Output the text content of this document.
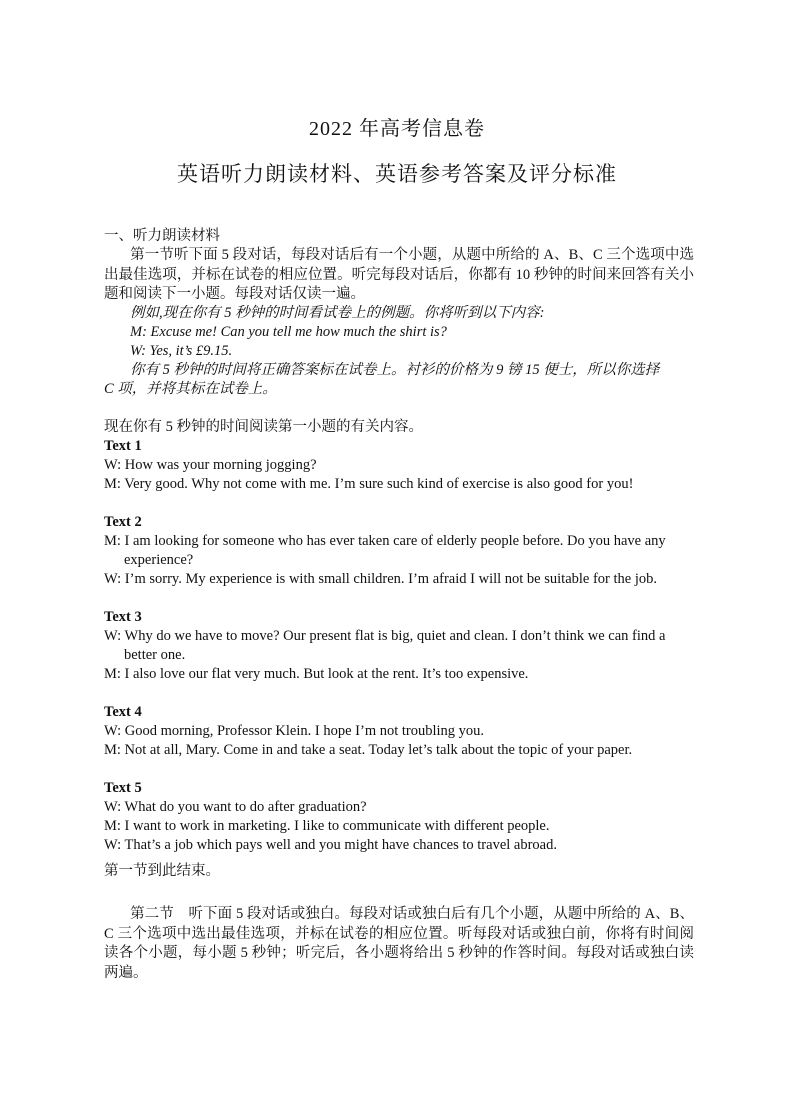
2022 年高考信息卷
英语听力朗读材料、英语参考答案及评分标准
一、听力朗读材料
第一节听下面 5 段对话，每段对话后有一个小题，从题中所给的 A、B、C 三个选项中选出最佳选项，并标在试卷的相应位置。听完每段对话后，你都有 10 秒钟的时间来回答有关小题和阅读下一小题。每段对话仅读一遍。
例如,现在你有 5 秒钟的时间看试卷上的例题。你将听到以下内容:
M: Excuse me! Can you tell me how much the shirt is?
W: Yes, it’s £9.15.
你有 5 秒钟的时间将正确答案标在试卷上。衬衫的价格为 9 镑 15 便士，所以你选择
C 项，并将其标在试卷上。
现在你有 5 秒钟的时间阅读第一小题的有关内容。
Text 1
W: How was your morning jogging?
M: Very good. Why not come with me. I’m sure such kind of exercise is also good for you!
Text 2
M: I am looking for someone who has ever taken care of elderly people before. Do you have any
experience?
W: I’m sorry. My experience is with small children. I’m afraid I will not be suitable for the job.
Text 3
W: Why do we have to move? Our present flat is big, quiet and clean. I don’t think we can find a
better one.
M: I also love our flat very much. But look at the rent. It’s too expensive.
Text 4
W: Good morning, Professor Klein. I hope I’m not troubling you.
M: Not at all, Mary. Come in and take a seat. Today let’s talk about the topic of your paper.
Text 5
W: What do you want to do after graduation?
M: I want to work in marketing. I like to communicate with different people.
W: That’s a job which pays well and you might have chances to travel abroad.
第一节到此结束。
第二节　听下面 5 段对话或独白。每段对话或独白后有几个小题，从题中所给的 A、B、C 三个选项中选出最佳选项，并标在试卷的相应位置。听每段对话或独白前，你将有时间阅读各个小题，每小题 5 秒钟；听完后，各小题将给出 5 秒钟的作答时间。每段对话或独白读两遍。
